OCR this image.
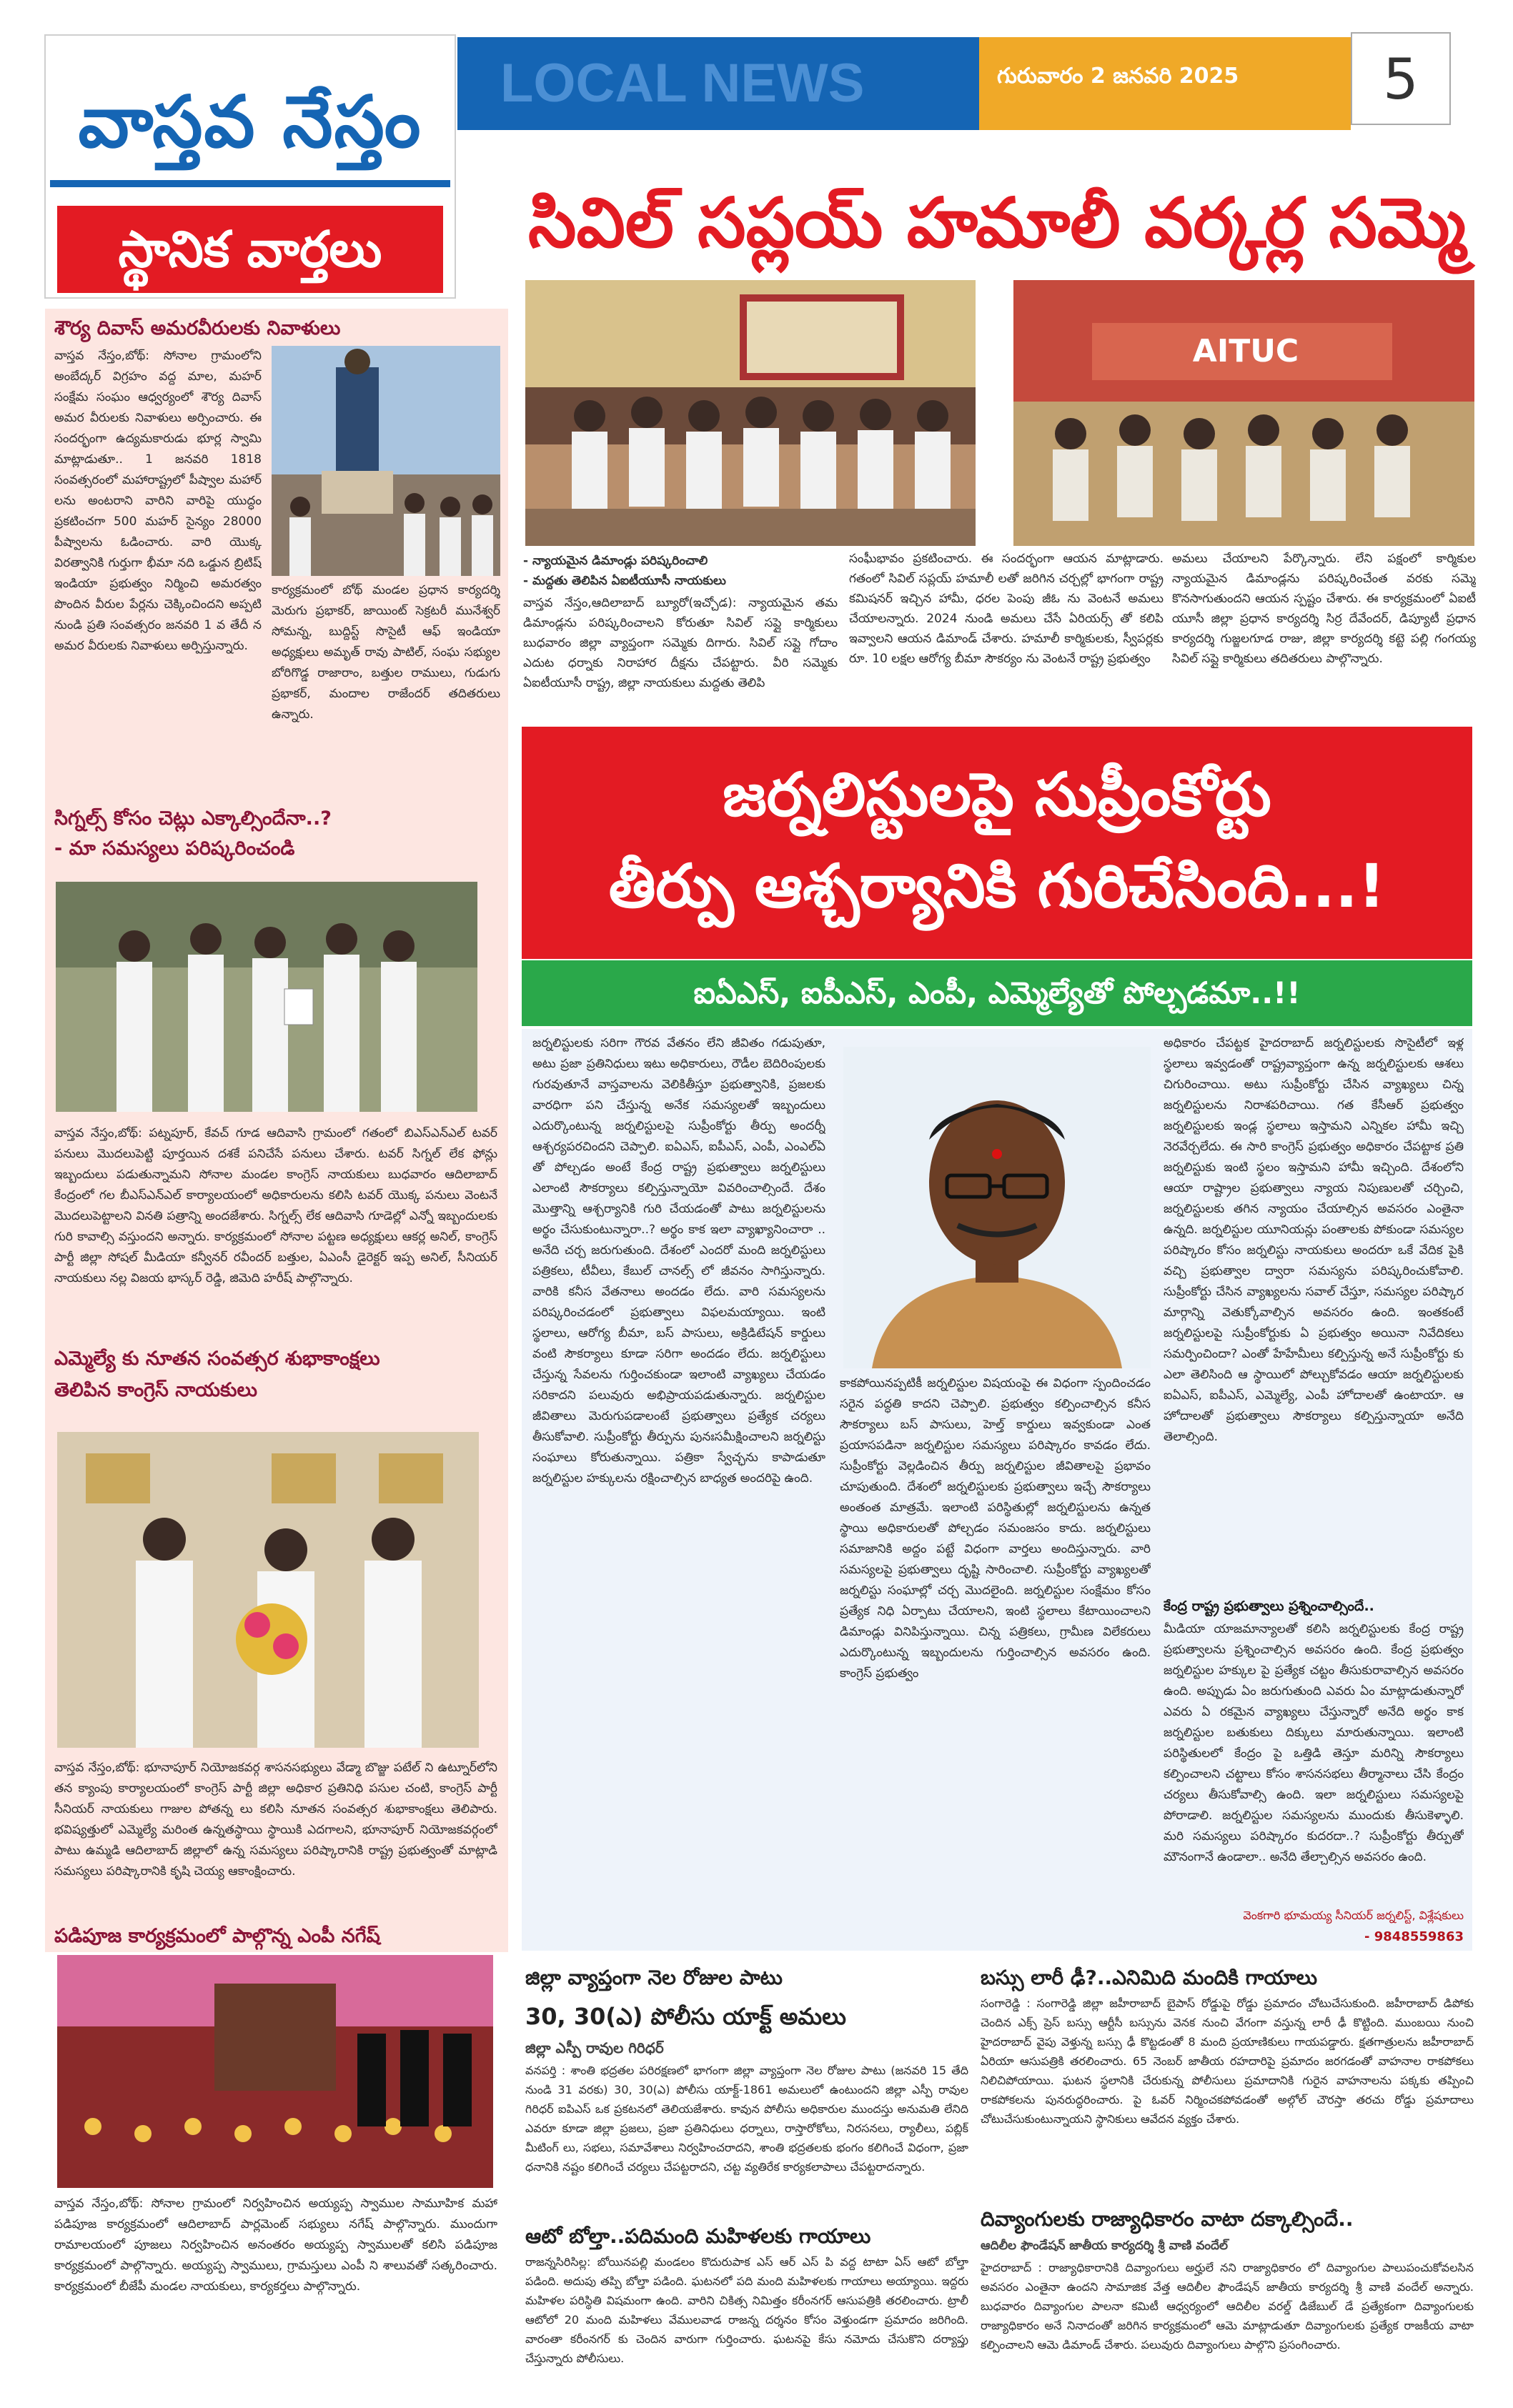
వాస్తవ నేస్తం
స్థానిక వార్తలు
LOCAL NEWS	గురువారం 2 జనవరి 2025	5
సివిల్ సప్లయ్ హమాలీ వర్కర్ల సమ్మె
AITUC
- న్యాయమైన డిమాండ్లు పరిష్కరించాలి
- మద్దతు తెలిపిన ఏఐటీయూసీ నాయకులు
వాస్తవ నేస్తం,ఆదిలాబాద్ బ్యూరో(ఇచ్చోడ): న్యాయమైన తమ డిమాండ్లను పరిష్కరించాలని కోరుతూ సివిల్ సప్లై కార్మికులు బుధవారం జిల్లా వ్యాప్తంగా సమ్మెకు దిగారు. సివిల్ సప్లై గోదాం ఎదుట ధర్నాకు నిరాహార దీక్షను చేపట్టారు. వీరి సమ్మెకు ఏఐటీయూసీ రాష్ట్ర, జిల్లా నాయకులు మద్దతు తెలిపి
సంఘీభావం ప్రకటించారు. ఈ సందర్భంగా ఆయన మాట్లాడారు. గతంలో సివిల్ సప్లయ్ హమాలీ లతో జరిగిన చర్చల్లో భాగంగా రాష్ట్ర కమిషనర్ ఇచ్చిన హామీ, ధరల పెంపు జీఓ ను వెంటనే అమలు చేయాలన్నారు. 2024 నుండి అమలు చేసే ఏరియర్స్ తో కలిపి ఇవ్వాలని ఆయన డిమాండ్ చేశారు. హమాలీ కార్మికులకు, స్వీపర్లకు రూ. 10 లక్షల ఆరోగ్య బీమా సౌకర్యం ను వెంటనే రాష్ట్ర ప్రభుత్వం
అమలు చేయాలని పేర్కొన్నారు. లేని పక్షంలో కార్మికుల న్యాయమైన డిమాండ్లను పరిష్కరించేంత వరకు సమ్మె కొనసాగుతుందని ఆయన స్పష్టం చేశారు. ఈ కార్యక్రమంలో ఏఐటీ యూసీ జిల్లా ప్రధాన కార్యదర్శి సిర్ర దేవేందర్, డిప్యూటీ ప్రధాన కార్యదర్శి గుజ్జలగూడ రాజు, జిల్లా కార్యదర్శి కట్టె పల్లి గంగయ్య సివిల్ సప్లై కార్మికులు తదితరులు పాల్గొన్నారు.
శౌర్య దివాస్ అమరవీరులకు నివాళులు
వాస్తవ నేస్తం,బోథ్: సోనాల గ్రామంలోని అంబేద్కర్ విగ్రహం వద్ద మాల, మహర్ సంక్షేమ సంఘం ఆధ్వర్యంలో శౌర్య దివాస్ అమర వీరులకు నివాళులు అర్పించారు. ఈ సందర్భంగా ఉద్యమకారుడు భూర్ల స్వామి మాట్లాడుతూ.. 1 జనవరి 1818 సంవత్సరంలో మహారాష్ట్రలో పీష్వాల మహార్ లను అంటరాని వారిని వారిపై యుద్ధం ప్రకటించగా 500 మహర్ సైన్యం 28000 పీష్వాలను ఓడించారు. వారి యొక్క విరత్వానికి గుర్తుగా భీమా నది ఒడ్డున బ్రిటిష్ ఇండియా ప్రభుత్వం నిర్మించి అమరత్వం పొందిన వీరుల పేర్లను చెక్కించిందని అప్పటి నుండి ప్రతి సంవత్సరం జనవరి 1 వ తేదీ న అమర వీరులకు నివాళులు అర్పిస్తున్నారు.
కార్యక్రమంలో బోథ్ మండల ప్రధాన కార్యదర్శి మెరుగు ప్రభాకర్, జాయింట్ సెక్రటరీ మునేశ్వర్ సోమన్న, బుద్దిస్ట్ సొసైటీ ఆఫ్ ఇండియా అధ్యక్షులు అమృత్ రావు పాటిల్, సంఘ సభ్యుల బోరిగొడ్డ రాజారాం, బత్తుల రాములు, గుడుగు ప్రభాకర్, మందాల రాజేందర్ తదితరులు ఉన్నారు.
సిగ్నల్స్ కోసం చెట్లు ఎక్కాల్సిందేనా..?
- మా సమస్యలు పరిష్కరించండి
వాస్తవ నేస్తం,బోథ్: పట్నపూర్, కేవచ్ గూడ ఆదివాసి గ్రామంలో గతంలో బిఎస్ఎన్ఎల్ టవర్ పనులు మొదలుపెట్టి పూర్తయిన దశకే పనిచేసే పనులు చేశారు. టవర్ సిగ్నల్ లేక ఫోన్లు ఇబ్బందులు పడుతున్నామని సోనాల మండల కాంగ్రెస్ నాయకులు బుధవారం ఆదిలాబాద్ కేంద్రంలో గల బీఎస్ఎన్ఎల్ కార్యాలయంలో అధికారులను కలిసి టవర్ యొక్క పనులు వెంటనే మొదలుపెట్టాలని వినతి పత్రాన్ని అందజేశారు. సిగ్నల్స్ లేక ఆదివాసి గూడెల్లో ఎన్నో ఇబ్బందులకు గురి కావాల్సి వస్తుందని అన్నారు. కార్యక్రమంలో సోనాల పట్టణ అధ్యక్షులు ఆకర్ల అనిల్, కాంగ్రెస్ పార్టీ జిల్లా సోషల్ మీడియా కన్వీనర్ రవీందర్ బత్తుల, ఏఎంసీ డైరెక్టర్ ఇప్ప అనిల్, సీనియర్ నాయకులు నల్ల విజయ భాస్కర్ రెడ్డి, జిమెది హరీష్ పాల్గొన్నారు.
ఎమ్మెల్యే కు నూతన సంవత్సర శుభాకాంక్షలు
తెలిపిన కాంగ్రెస్ నాయకులు
వాస్తవ నేస్తం,బోథ్: భూనాపూర్ నియోజకవర్గ శాసనసభ్యులు వేడ్మా బొజ్జు పటేల్ ని ఉట్నూర్‌లోని తన క్యాంపు కార్యాలయంలో కాంగ్రెస్ పార్టీ జిల్లా అధికార ప్రతినిధి పసుల చంటి, కాంగ్రెస్ పార్టీ సీనియర్ నాయకులు గాజుల పోతన్న లు కలిసి నూతన సంవత్సర శుభాకాంక్షలు తెలిపారు. భవిష్యత్తులో ఎమ్మెల్యే మరింత ఉన్నతస్థాయి స్థాయికి ఎదగాలని, భూనాపూర్ నియోజకవర్గంలో పాటు ఉమ్మడి ఆదిలాబాద్ జిల్లాలో ఉన్న సమస్యలు పరిష్కారానికి రాష్ట్ర ప్రభుత్వంతో మాట్లాడి సమస్యలు పరిష్కారానికి కృషి చెయ్య ఆకాంక్షించారు.
పడిపూజ కార్యక్రమంలో పాల్గొన్న ఎంపీ నగేష్
వాస్తవ నేస్తం,బోథ్: సోనాల గ్రామంలో నిర్వహించిన అయ్యప్ప స్వాముల సామూహిక మహా పడిపూజ కార్యక్రమంలో ఆదిలాబాద్ పార్లమెంట్ సభ్యులు నగేష్ పాల్గొన్నారు. ముందుగా రామాలయంలో పూజలు నిర్వహించిన అనంతరం అయ్యప్ప స్వాములతో కలిసి పడిపూజ కార్యక్రమంలో పాల్గొన్నారు. అయ్యప్ప స్వాములు, గ్రామస్తులు ఎంపీ ని శాలువతో సత్కరించారు. కార్యక్రమంలో బీజేపీ మండల నాయకులు, కార్యకర్తలు పాల్గొన్నారు.
జర్నలిస్టులపై సుప్రీంకోర్టు
తీర్పు ఆశ్చర్యానికి గురిచేసింది...!
ఐఏఎస్, ఐపీఎస్, ఎంపీ, ఎమ్మెల్యేతో పోల్చడమా..!!
జర్నలిస్టులకు సరిగా గౌరవ వేతనం లేని జీవితం గడుపుతూ, అటు ప్రజా ప్రతినిధులు ఇటు అధికారులు, రౌడీల బెదిరింపులకు గురవుతూనే వాస్తవాలను వెలికితీస్తూ ప్రభుత్వానికి, ప్రజలకు వారధిగా పని చేస్తున్న అనేక సమస్యలతో ఇబ్బందులు ఎదుర్కొంటున్న జర్నలిస్టులపై సుప్రీంకోర్టు తీర్పు అందర్నీ ఆశ్చర్యపరచిందని చెప్పాలి. ఐఏఎస్, ఐపీఎస్, ఎంపీ, ఎంఎల్‌ఏ తో పోల్చడం అంటే కేంద్ర రాష్ట్ర ప్రభుత్వాలు జర్నలిస్టులు ఎలాంటి సౌకర్యాలు కల్పిస్తున్నాయో వివరించాల్సిందే. దేశం మొత్తాన్ని ఆశ్చర్యానికి గురి చేయడంతో పాటు జర్నలిస్టులను అర్థం చేసుకుంటున్నారా..? అర్థం కాక ఇలా వ్యాఖ్యానించారా .. అనేది చర్చ జరుగుతుంది. దేశంలో ఎందరో మంది జర్నలిస్టులు పత్రికలు, టీవీలు, కేబుల్ చానల్స్ లో జీవనం సాగిస్తున్నారు. వారికి కనీస వేతనాలు అందడం లేదు. వారి సమస్యలను పరిష్కరించడంలో ప్రభుత్వాలు విఫలమయ్యాయి. ఇంటి స్థలాలు, ఆరోగ్య బీమా, బస్ పాసులు, అక్రిడిటేషన్ కార్డులు వంటి సౌకర్యాలు కూడా సరిగా అందడం లేదు. జర్నలిస్టులు చేస్తున్న సేవలను గుర్తించకుండా ఇలాంటి వ్యాఖ్యలు చేయడం సరికాదని పలువురు అభిప్రాయపడుతున్నారు. జర్నలిస్టుల జీవితాలు మెరుగుపడాలంటే ప్రభుత్వాలు ప్రత్యేక చర్యలు తీసుకోవాలి. సుప్రీంకోర్టు తీర్పును పునఃసమీక్షించాలని జర్నలిస్టు సంఘాలు కోరుతున్నాయి. పత్రికా స్వేచ్ఛను కాపాడుతూ జర్నలిస్టుల హక్కులను రక్షించాల్సిన బాధ్యత అందరిపై ఉంది.
కాకపోయినప్పటికీ జర్నలిస్టుల విషయంపై ఈ విధంగా స్పందించడం సరైన పద్ధతి కాదని చెప్పాలి. ప్రభుత్వం కల్పించాల్సిన కనీస సౌకర్యాలు బస్ పాసులు, హెల్త్ కార్డులు ఇవ్వకుండా ఎంత ప్రయాసపడినా జర్నలిస్టుల సమస్యలు పరిష్కారం కావడం లేదు. సుప్రీంకోర్టు వెల్లడించిన తీర్పు జర్నలిస్టుల జీవితాలపై ప్రభావం చూపుతుంది. దేశంలో జర్నలిస్టులకు ప్రభుత్వాలు ఇచ్చే సౌకర్యాలు అంతంత మాత్రమే. ఇలాంటి పరిస్థితుల్లో జర్నలిస్టులను ఉన్నత స్థాయి అధికారులతో పోల్చడం సమంజసం కాదు. జర్నలిస్టులు సమాజానికి అద్దం పట్టే విధంగా వార్తలు అందిస్తున్నారు. వారి సమస్యలపై ప్రభుత్వాలు దృష్టి సారించాలి. సుప్రీంకోర్టు వ్యాఖ్యలతో జర్నలిస్టు సంఘాల్లో చర్చ మొదలైంది. జర్నలిస్టుల సంక్షేమం కోసం ప్రత్యేక నిధి ఏర్పాటు చేయాలని, ఇంటి స్థలాలు కేటాయించాలని డిమాండ్లు వినిపిస్తున్నాయి. చిన్న పత్రికలు, గ్రామీణ విలేకరులు ఎదుర్కొంటున్న ఇబ్బందులను గుర్తించాల్సిన అవసరం ఉంది. కాంగ్రెస్ ప్రభుత్వం
అధికారం చేపట్టక హైదరాబాద్ జర్నలిస్టులకు సొసైటీలో ఇళ్ల స్థలాలు ఇవ్వడంతో రాష్ట్రవ్యాప్తంగా ఉన్న జర్నలిస్టులకు ఆశలు చిగురించాయి. అటు సుప్రీంకోర్టు చేసిన వ్యాఖ్యలు చిన్న జర్నలిస్టులను నిరాశపరిచాయి. గత కేసీఆర్ ప్రభుత్వం జర్నలిస్టులకు ఇండ్ల స్థలాలు ఇస్తామని ఎన్నికల హామీ ఇచ్చి నెరవేర్చలేదు. ఈ సారి కాంగ్రెస్ ప్రభుత్వం అధికారం చేపట్టాక ప్రతి జర్నలిస్టుకు ఇంటి స్థలం ఇస్తామని హామీ ఇచ్చింది. దేశంలోని ఆయా రాష్ట్రాల ప్రభుత్వాలు న్యాయ నిపుణులతో చర్చించి, జర్నలిస్టులకు తగిన న్యాయం చేయాల్సిన అవసరం ఎంతైనా ఉన్నది. జర్నలిస్టుల యూనియన్లు పంతాలకు పోకుండా సమస్యల పరిష్కారం కోసం జర్నలిస్టు నాయకులు అందరూ ఒకే వేదిక పైకి వచ్చి ప్రభుత్వాల ద్వారా సమస్యను పరిష్కరించుకోవాలి. సుప్రీంకోర్టు చేసిన వ్యాఖ్యలను సవాల్ చేస్తూ, సమస్యల పరిష్కార మార్గాన్ని వెతుక్కోవాల్సిన అవసరం ఉంది. ఇంతకంటే జర్నలిస్టులపై సుప్రీంకోర్టుకు ఏ ప్రభుత్వం అయినా నివేదికలు సమర్పించిందా? ఎంతో హేహేమీలు కల్పిస్తున్న అనే సుప్రీంకోర్టు కు ఎలా తెలిసింది ఆ స్థాయిలో పోల్చుకోవడం ఆయా జర్నలిస్టులకు ఐఏఎస్, ఐపీఎస్, ఎమ్మెల్యే, ఎంపీ హోదాలతో ఉంటాయా. ఆ హోదాలతో ప్రభుత్వాలు సౌకర్యాలు కల్పిస్తున్నాయా అనేది తెలాల్సింది.
కేంద్ర రాష్ట్ర ప్రభుత్వాలు ప్రశ్నించాల్సిందే..
మీడియా యాజమాన్యాలతో కలిసి జర్నలిస్టులకు కేంద్ర రాష్ట్ర ప్రభుత్వాలను ప్రశ్నించాల్సిన అవసరం ఉంది. కేంద్ర ప్రభుత్వం జర్నలిస్టుల హక్కుల పై ప్రత్యేక చట్టం తీసుకురావాల్సిన అవసరం ఉంది. అప్పుడు ఏం జరుగుతుంది ఎవరు ఏం మాట్లాడుతున్నారో ఎవరు ఏ రకమైన వ్యాఖ్యలు చేస్తున్నారో అనేది అర్థం కాక జర్నలిస్టుల బతుకులు దిక్కులు మారుతున్నాయి. ఇలాంటి పరిస్థితులలో కేంద్రం పై ఒత్తిడి తెస్తూ మరిన్ని సౌకర్యాలు కల్పించాలని చట్టాలు కోసం శాసనసభలు తీర్మానాలు చేసి కేంద్రం చర్యలు తీసుకోవాల్సి ఉంది. ఇలా జర్నలిస్టులు సమస్యలపై పోరాడాలి. జర్నలిస్టుల సమస్యలను ముందుకు తీసుకెళ్ళాలి. మరి సమస్యలు పరిష్కారం కుదరదా..? సుప్రీంకోర్టు తీర్పుతో మౌనంగానే ఉండాలా.. అనేది తేల్చాల్సిన అవసరం ఉంది.
వెంకగారి భూమయ్య సీనియర్ జర్నలిస్ట్, విశ్లేషకులు
- 9848559863
జిల్లా వ్యాప్తంగా నెల రోజుల పాటు
30, 30(ఎ) పోలీసు యాక్ట్ అమలు
జిల్లా ఎస్పీ రావుల గిరిధర్
వనపర్తి : శాంతి భద్రతల పరిరక్షణలో భాగంగా జిల్లా వ్యాప్తంగా నెల రోజుల పాటు (జనవరి 15 తేది నుండి 31 వరకు) 30, 30(ఎ) పోలీసు యాక్ట్-1861 అమలులో ఉంటుందని జిల్లా ఎస్పీ రావుల గిరిధర్ ఐపిఎస్ ఒక ప్రకటనలో తెలియజేశారు. కావున పోలీసు అధికారుల ముందస్తు అనుమతి లేనిది ఎవరూ కూడా జిల్లా ప్రజలు, ప్రజా ప్రతినిధులు ధర్నాలు, రాస్తారోకోలు, నిరసనలు, ర్యాలీలు, పబ్లిక్ మీటింగ్ లు, సభలు, సమావేశాలు నిర్వహించరాదని, శాంతి భద్రతలకు భంగం కలిగించే విధంగా, ప్రజా ధనానికి నష్టం కలిగించే చర్యలు చేపట్టరాదని, చట్ట వ్యతిరేక కార్యకలాపాలు చేపట్టరాదన్నారు.
ఆటో బోల్తా..పదిమంది మహిళలకు గాయాలు
రాజన్నసిరిసిల్ల: బోయినపల్లి మండలం కొదురుపాక ఎస్ ఆర్ ఎస్ పి వద్ద టాటా ఏస్ ఆటో బోల్తా పడింది. అదుపు తప్పి బోల్తా పడింది. ఘటనలో పది మంది మహిళలకు గాయాలు అయ్యాయి. ఇద్దరు మహిళల పరిస్థితి విషమంగా ఉంది. వారిని చికిత్స నిమిత్తం కరీంనగర్ ఆసుపత్రికి తరలించారు. ట్రాలీ ఆటోలో 20 మంది మహిళలు వేములవాడ రాజన్న దర్శనం కోసం వెళ్తుండగా ప్రమాదం జరిగింది. వారంతా కరీంనగర్ కు చెందిన వారుగా గుర్తించారు. ఘటనపై కేసు నమోదు చేసుకొని దర్యాప్తు చేస్తున్నారు పోలీసులు.
బస్సు లారీ ఢీ?..ఎనిమిది మందికి గాయాలు
సంగారెడ్డి : సంగారెడ్డి జిల్లా జహీరాబాద్ బైపాస్ రోడ్డుపై రోడ్డు ప్రమాదం చోటుచేసుకుంది. జహీరాబాద్ డిపోకు చెందిన ఎక్స్ ప్రెస్ బస్సు ఆర్టీసీ బస్సును వెనక నుంచి వేగంగా వస్తున్న లారీ ఢీ కొట్టింది. ముంబయి నుంచి హైదరాబాద్ వైపు వెళ్తున్న బస్సు ఢీ కొట్టడంతో 8 మంది ప్రయాణికులు గాయపడ్డారు. క్షతగాత్రులను జహీరాబాద్ ఏరియా ఆసుపత్రికి తరలించారు. 65 నెంబర్ జాతీయ రహదారిపై ప్రమాదం జరగడంతో వాహనాల రాకపోకలు నిలిచిపోయాయి. ఘటన స్థలానికి చేరుకున్న పోలీసులు ప్రమాదానికి గురైన వాహనాలను పక్కకు తప్పించి రాకపోకలను పునరుద్ధరించారు. పై ఓవర్ నిర్మించకపోవడంతో అల్గోల్ చౌరస్తా తరచు రోడ్డు ప్రమాదాలు చోటుచేసుకుంటున్నాయని స్థానికులు ఆవేదన వ్యక్తం చేశారు.
దివ్యాంగులకు రాజ్యాధికారం వాటా దక్కాల్సిందే..
ఆదిలీల ఫౌండేషన్ జాతీయ కార్యదర్శి శ్రీ వాణి వందేల్
హైదరాబాద్ : రాజ్యాధికారానికి దివ్యాంగులు అర్హులే నని రాజ్యాధికారం లో దివ్యాంగుల పాలుపంచుకోవలసిన అవసరం ఎంతైనా ఉందని సామాజిక వేత్త ఆదిలీల ఫౌండేషన్ జాతీయ కార్యదర్శి శ్రీ వాణి వందేల్ అన్నారు. బుధవారం దివ్యాంగుల పాలనా కమిటీ ఆధ్వర్యంలో ఆదిలీల వరల్డ్ డిజేబుల్ డే ప్రత్యేకంగా దివ్యాంగులకు రాజ్యాధికారం అనే నినాదంతో జరిగిన కార్యక్రమంలో ఆమె మాట్లాడుతూ దివ్యాంగులకు ప్రత్యేక రాజకీయ వాటా కల్పించాలని ఆమె డిమాండ్ చేశారు. పలువురు దివ్యాంగులు పాల్గొని ప్రసంగించారు.
